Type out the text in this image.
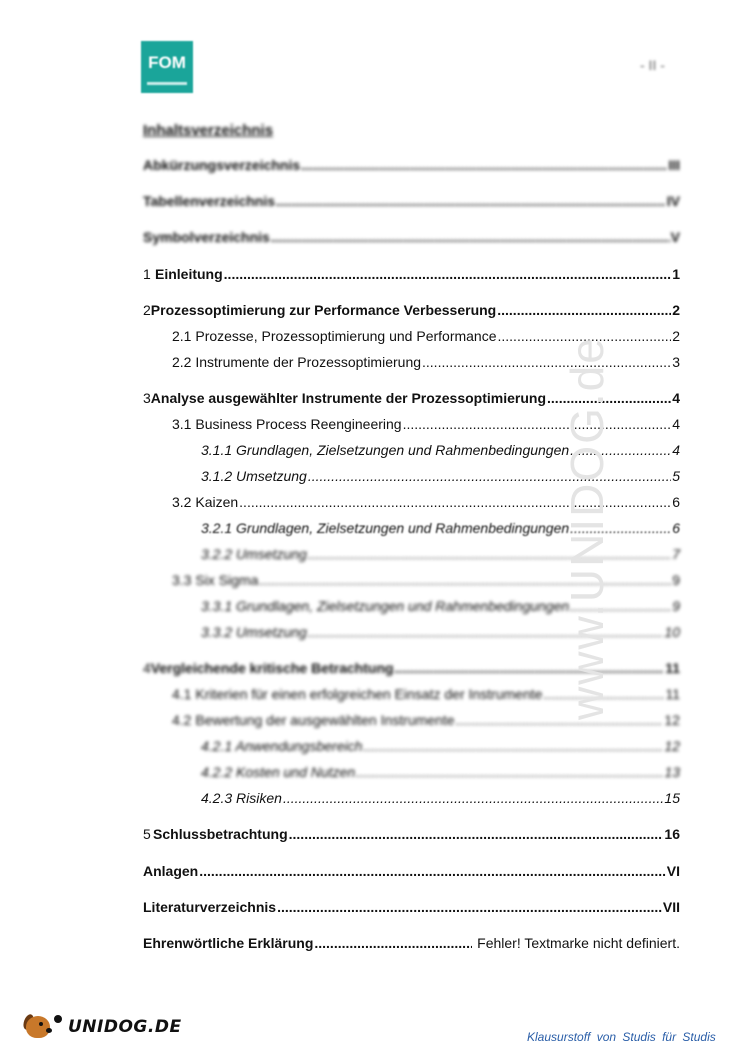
FOM	- II -
Inhaltsverzeichnis
Abkürzungsverzeichnis .....	III
Tabellenverzeichnis .....	IV
Symbolverzeichnis .....	V
1 Einleitung .....	1
2 Prozessoptimierung zur Performance Verbesserung .....	2
2.1 Prozesse, Prozessoptimierung und Performance .....	2
2.2 Instrumente der Prozessoptimierung .....	3
3 Analyse ausgewählter Instrumente der Prozessoptimierung .....	4
3.1 Business Process Reengineering .....	4
3.1.1 Grundlagen, Zielsetzungen und Rahmenbedingungen .....	4
3.1.2 Umsetzung .....	5
3.2 Kaizen .....	6
3.2.1 Grundlagen, Zielsetzungen und Rahmenbedingungen .....	6
3.2.2 Umsetzung .....	7
3.3 Six Sigma .....	9
3.3.1 Grundlagen, Zielsetzungen und Rahmenbedingungen .....	9
3.3.2 Umsetzung .....	10
4 Vergleichende kritische Betrachtung .....	11
4.1 Kriterien für einen erfolgreichen Einsatz der Instrumente .....	11
4.2 Bewertung der ausgewählten Instrumente .....	12
4.2.1 Anwendungsbereich .....	12
4.2.2 Kosten und Nutzen .....	13
4.2.3 Risiken .....	15
5 Schlussbetrachtung .....	16
Anlagen .....	VI
Literaturverzeichnis .....	VII
Ehrenwörtliche Erklärung .....	Fehler! Textmarke nicht definiert.
www.UNIDOG.de
UNIDOG.DE	Klausurstoff von Studis für Studis
